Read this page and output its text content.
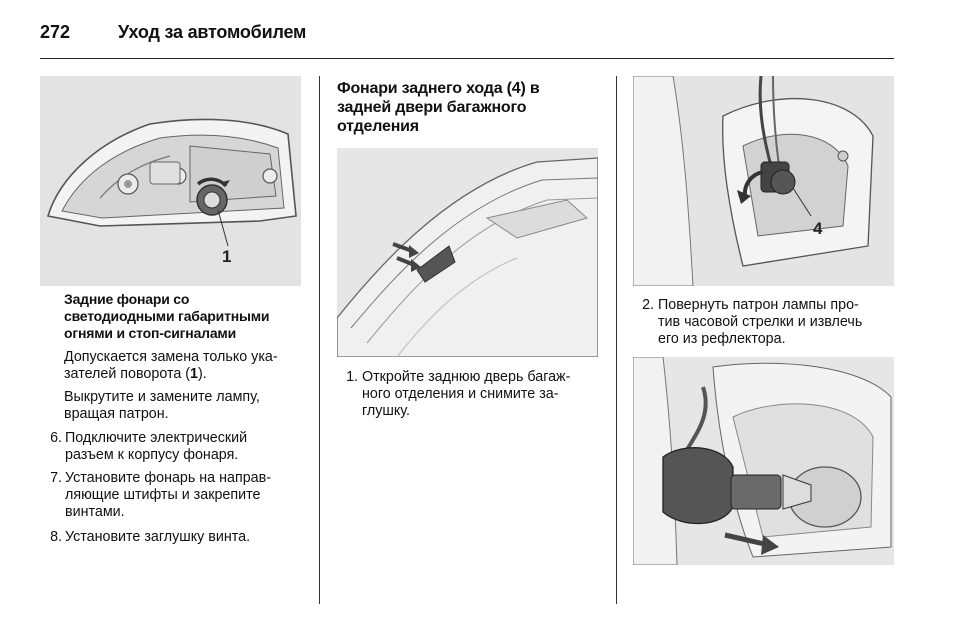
272	Уход за автомобилем
1
Задние фонари со
светодиодными габаритными
огнями и стоп-сигналами
Допускается замена только ука-
зателей поворота (1).
Выкрутите и замените лампу,
вращая патрон.
6. Подключите электрический
разъем к корпусу фонаря.
7. Установите фонарь на направ-
ляющие штифты и закрепите
винтами.
8. Установите заглушку винта.
Фонари заднего хода (4) в
задней двери багажного
отделения
1. Откройте заднюю дверь багаж-
ного отделения и снимите за-
глушку.
4
2. Повернуть патрон лампы про-
тив часовой стрелки и извлечь
его из рефлектора.
